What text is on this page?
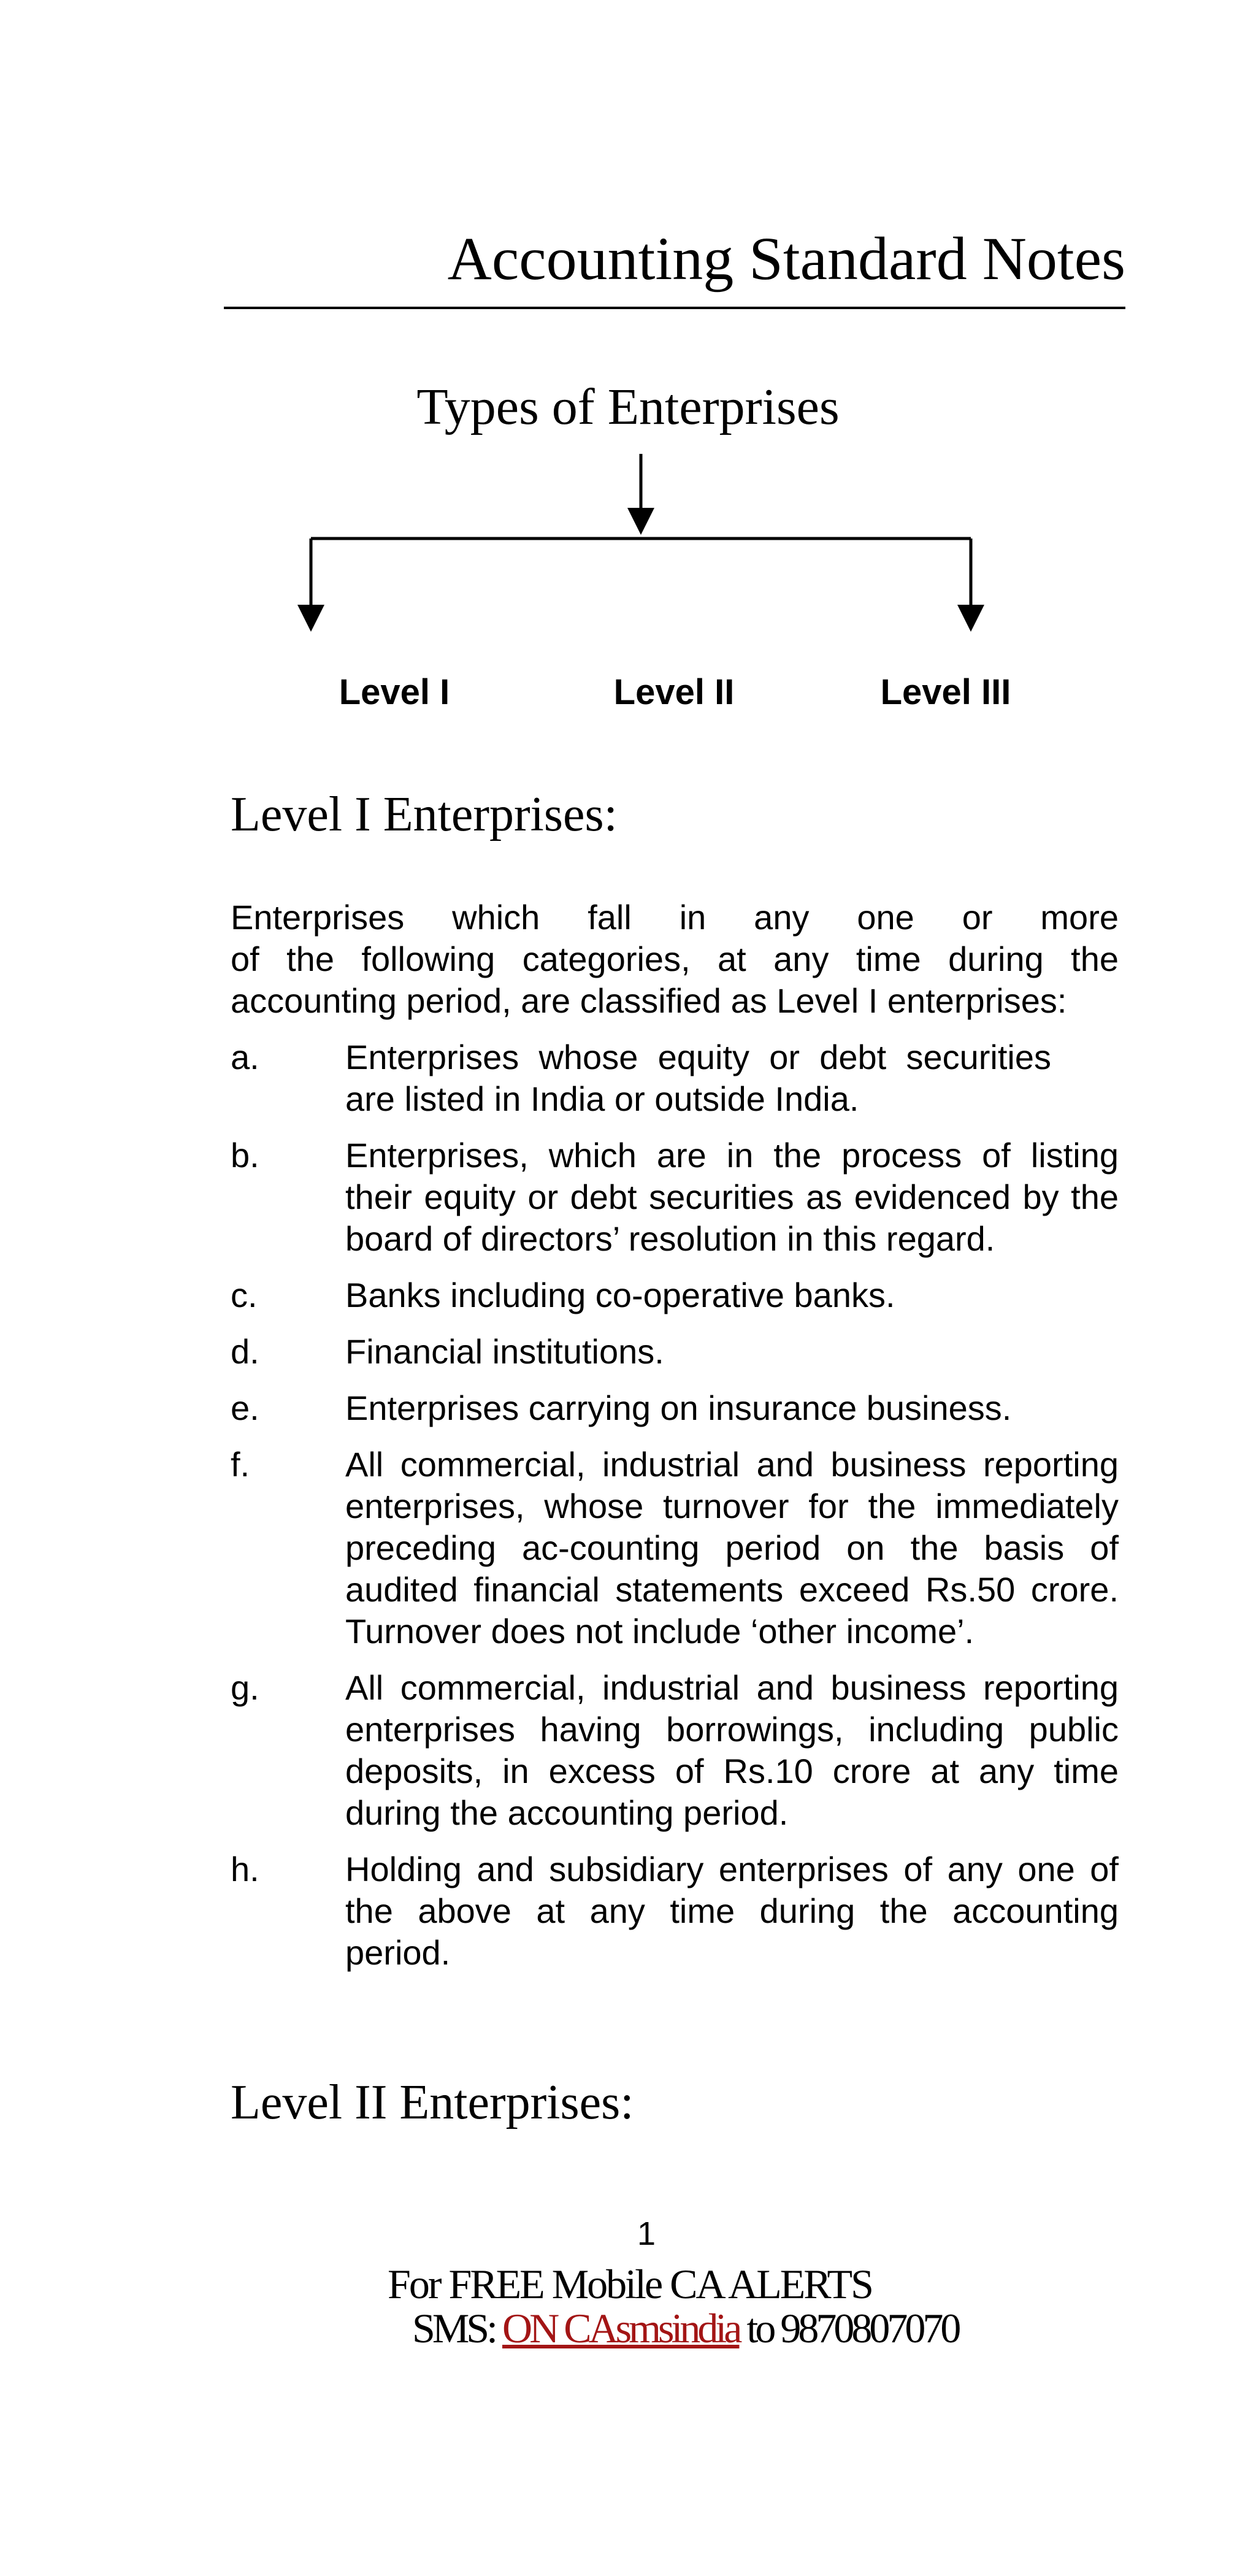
Accounting Standard Notes
Types of Enterprises
Level I	Level II	Level III
Level I Enterprises:
Enterprises which fall in any one or more
of the following categories, at any time during the accounting period, are classified as Level I enterprises:
a.	Enterprises whose equity or debt securities are listed in India or outside India.
b.	Enterprises, which are in the process of listing their equity or debt securities as evidenced by the board of directors’ resolution in this regard.
c.	Banks including co-operative banks.
d.	Financial institutions.
e.	Enterprises carrying on insurance business.
f.	All commercial, industrial and business reporting enterprises, whose turnover for the immediately preceding ac-counting period on the basis of audited financial statements exceed Rs.50 crore. Turnover does not include ‘other income’.
g.	All commercial, industrial and business reporting enterprises having borrowings, including public deposits, in excess of Rs.10 crore at any time during the accounting period.
h.	Holding and subsidiary enterprises of any one of the above at any time during the accounting period.
Level II Enterprises:
1
For FREE Mobile CA ALERTS
SMS: ON CAsmsindia to 9870807070
